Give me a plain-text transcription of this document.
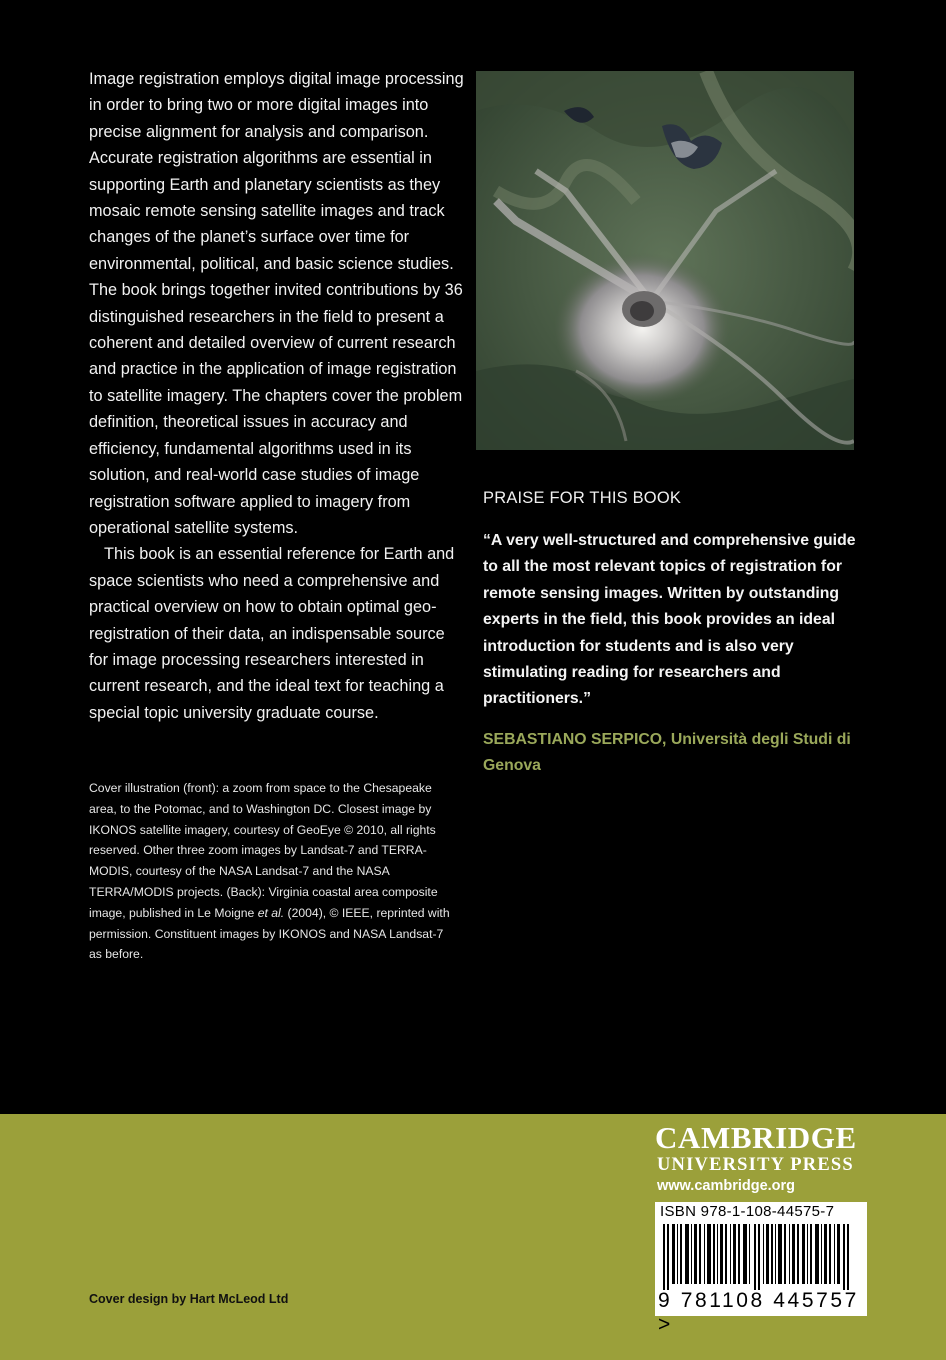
Image registration employs digital image processing in order to bring two or more digital images into precise alignment for analysis and comparison. Accurate registration algorithms are essential in supporting Earth and planetary scientists as they mosaic remote sensing satellite images and track changes of the planet’s surface over time for environmental, political, and basic science studies. The book brings together invited contributions by 36 distinguished researchers in the field to present a coherent and detailed overview of current research and practice in the application of image registration to satellite imagery. The chapters cover the problem definition, theoretical issues in accuracy and efficiency, fundamental algorithms used in its solution, and real-world case studies of image registration software applied to imagery from operational satellite systems.

This book is an essential reference for Earth and space scientists who need a comprehensive and practical overview on how to obtain optimal geo-registration of their data, an indispensable source for image processing researchers interested in current research, and the ideal text for teaching a special topic university graduate course.

Cover illustration (front): a zoom from space to the Chesapeake area, to the Potomac, and to Washington DC. Closest image by IKONOS satellite imagery, courtesy of GeoEye © 2010, all rights reserved. Other three zoom images by Landsat-7 and TERRA-MODIS, courtesy of the NASA Landsat-7 and the NASA TERRA/MODIS projects. (Back): Virginia coastal area composite image, published in Le Moigne et al. (2004), © IEEE, reprinted with permission. Constituent images by IKONOS and NASA Landsat-7 as before.
PRAISE FOR THIS BOOK
“A very well-structured and comprehensive guide to all the most relevant topics of registration for remote sensing images. Written by outstanding experts in the field, this book provides an ideal introduction for students and is also very stimulating reading for researchers and practitioners.”
SEBASTIANO SERPICO, Università degli Studi di Genova
Cover design by Hart McLeod Ltd
CAMBRIDGE
UNIVERSITY PRESS
www.cambridge.org
ISBN 978-1-108-44575-7
9 781108 445757 >
